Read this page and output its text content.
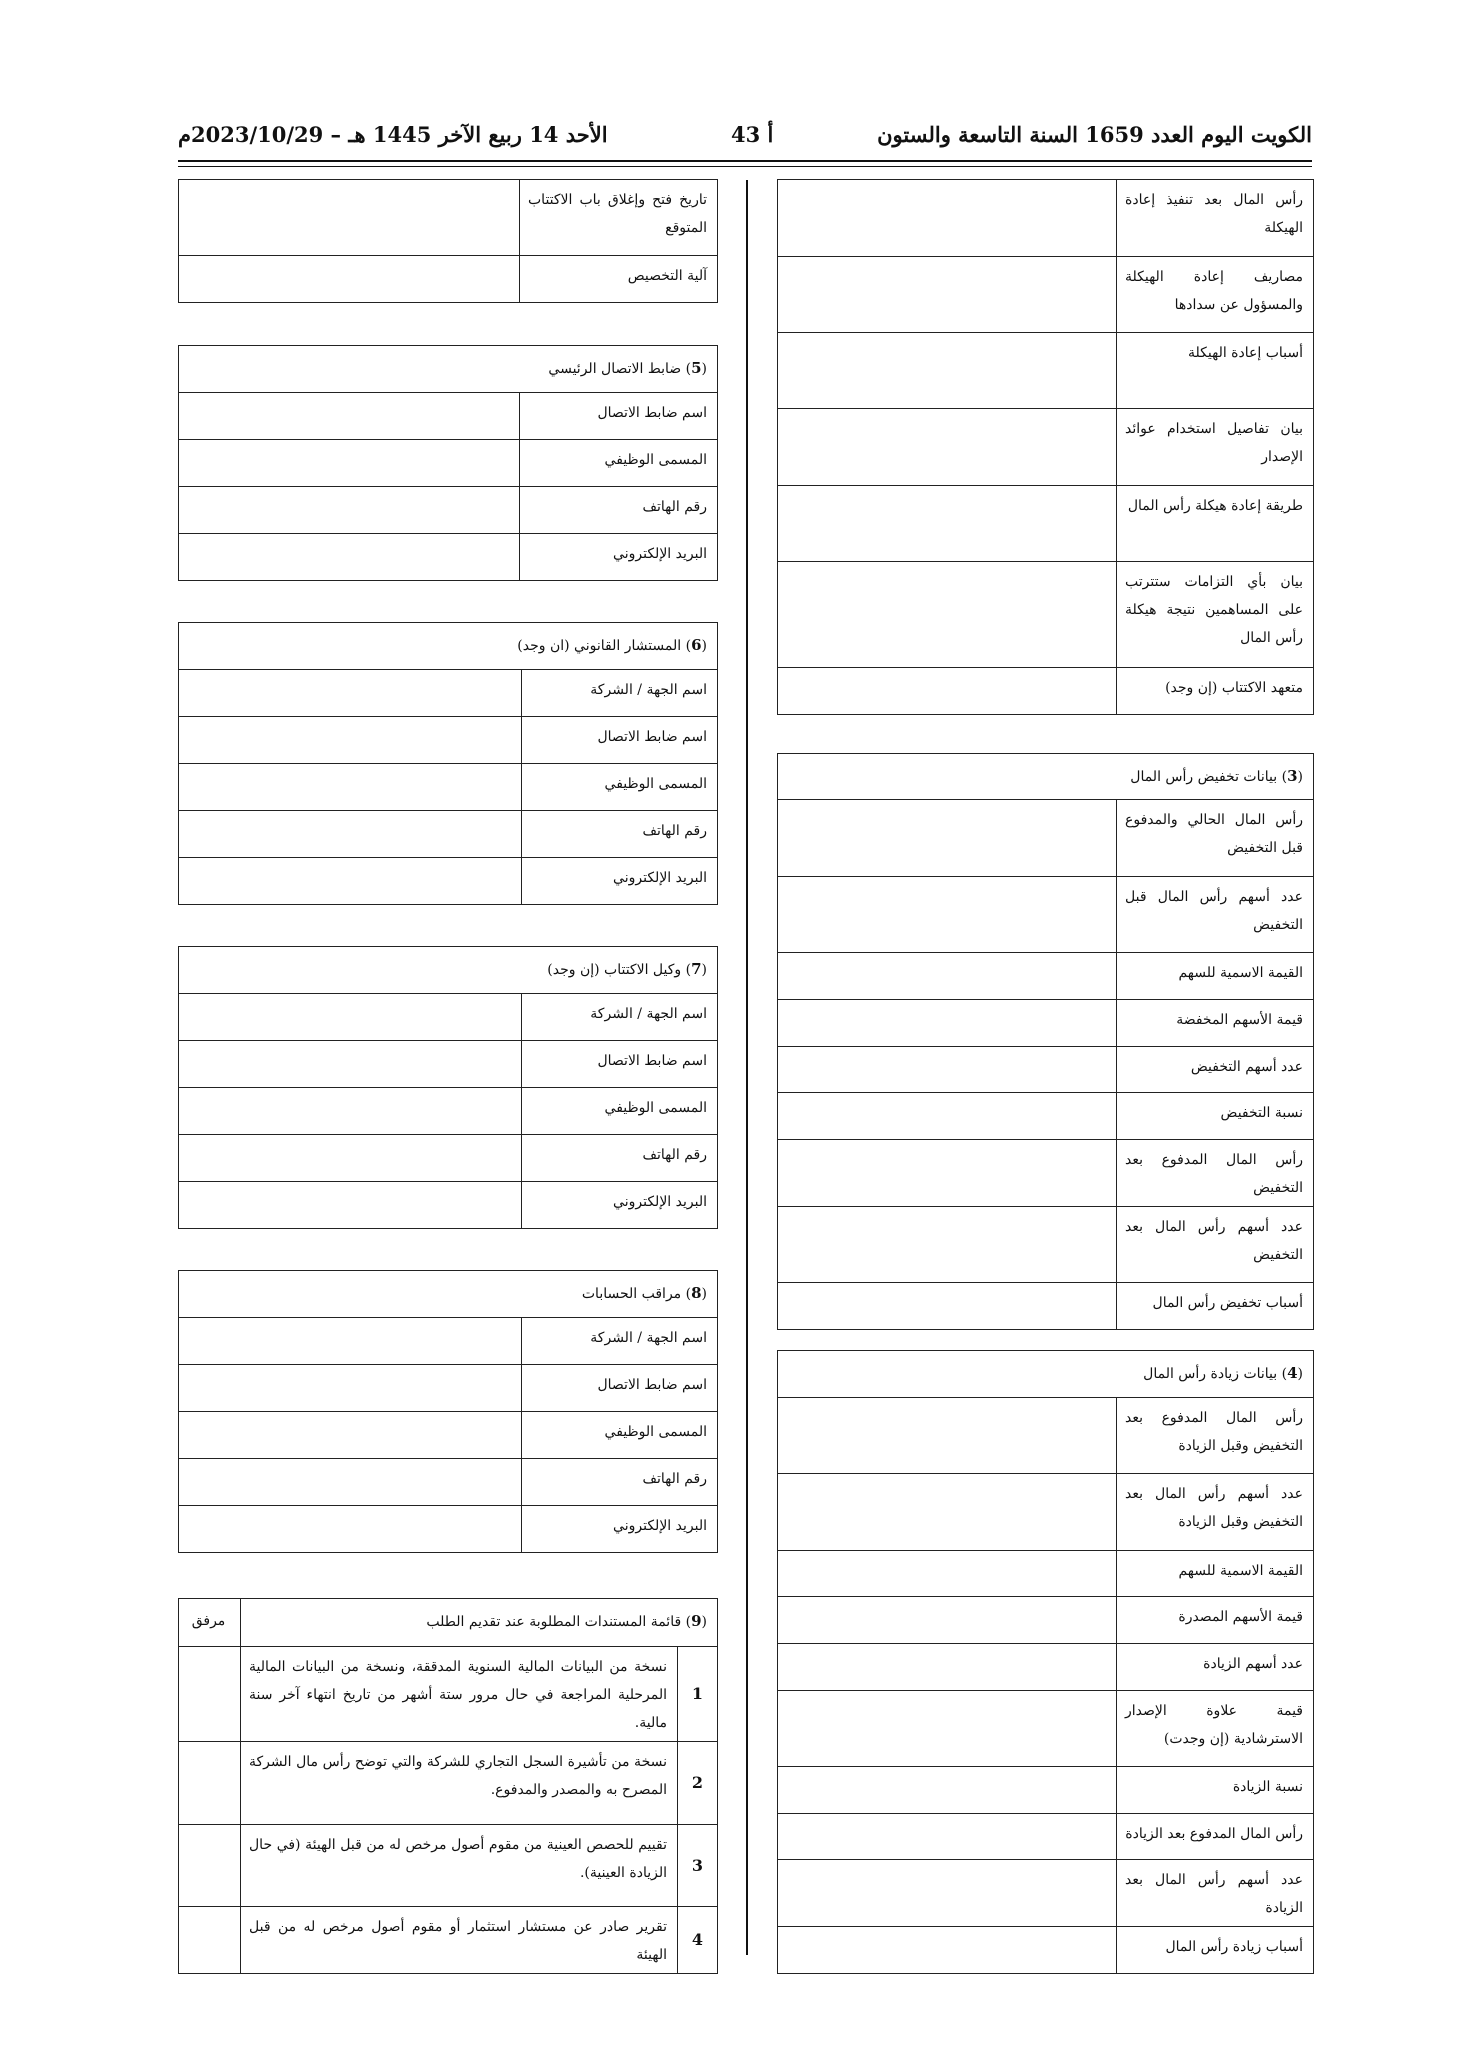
الكويت اليوم العدد 1659 السنة التاسعة والستون
أ 43
الأحد 14 ربيع الآخر 1445 هـ – 2023/10/29م
رأس المال بعد تنفيذ إعادة الهيكلة	
مصاريف إعادة الهيكلة والمسؤول عن سدادها	
أسباب إعادة الهيكلة	
بيان تفاصيل استخدام عوائد الإصدار	
طريقة إعادة هيكلة رأس المال	
بيان بأي التزامات ستترتب على المساهمين نتيجة هيكلة رأس المال	
متعهد الاكتتاب (إن وجد)	
(3) بيانات تخفيض رأس المال	
رأس المال الحالي والمدفوع قبل التخفيض	
عدد أسهم رأس المال قبل التخفيض	
القيمة الاسمية للسهم	
قيمة الأسهم المخفضة	
عدد أسهم التخفيض	
نسبة التخفيض	
رأس المال المدفوع بعد التخفيض	
عدد أسهم رأس المال بعد التخفيض	
أسباب تخفيض رأس المال	
(4) بيانات زيادة رأس المال	
رأس المال المدفوع بعد التخفيض وقبل الزيادة	
عدد أسهم رأس المال بعد التخفيض وقبل الزيادة	
القيمة الاسمية للسهم	
قيمة الأسهم المصدرة	
عدد أسهم الزيادة	
قيمة علاوة الإصدار الاسترشادية (إن وجدت)	
نسبة الزيادة	
رأس المال المدفوع بعد الزيادة	
عدد أسهم رأس المال بعد الزيادة	
أسباب زيادة رأس المال	
تاريخ فتح وإغلاق باب الاكتتاب المتوقع	
آلية التخصيص	
(5) ضابط الاتصال الرئيسي	
اسم ضابط الاتصال	
المسمى الوظيفي	
رقم الهاتف	
البريد الإلكتروني	
(6) المستشار القانوني (ان وجد)	
اسم الجهة / الشركة	
اسم ضابط الاتصال	
المسمى الوظيفي	
رقم الهاتف	
البريد الإلكتروني	
(7) وكيل الاكتتاب (إن وجد)	
اسم الجهة / الشركة	
اسم ضابط الاتصال	
المسمى الوظيفي	
رقم الهاتف	
البريد الإلكتروني	
(8) مراقب الحسابات	
اسم الجهة / الشركة	
اسم ضابط الاتصال	
المسمى الوظيفي	
رقم الهاتف	
البريد الإلكتروني	
(9) قائمة المستندات المطلوبة عند تقديم الطلب		مرفق
1	نسخة من البيانات المالية السنوية المدققة، ونسخة من البيانات المالية المرحلية المراجعة في حال مرور ستة أشهر من تاريخ انتهاء آخر سنة مالية.	
2	نسخة من تأشيرة السجل التجاري للشركة والتي توضح رأس مال الشركة المصرح به والمصدر والمدفوع.	
3	تقييم للحصص العينية من مقوم أصول مرخص له من قبل الهيئة (في حال الزيادة العينية).	
4	تقرير صادر عن مستشار استثمار أو مقوم أصول مرخص له من قبل الهيئة	
